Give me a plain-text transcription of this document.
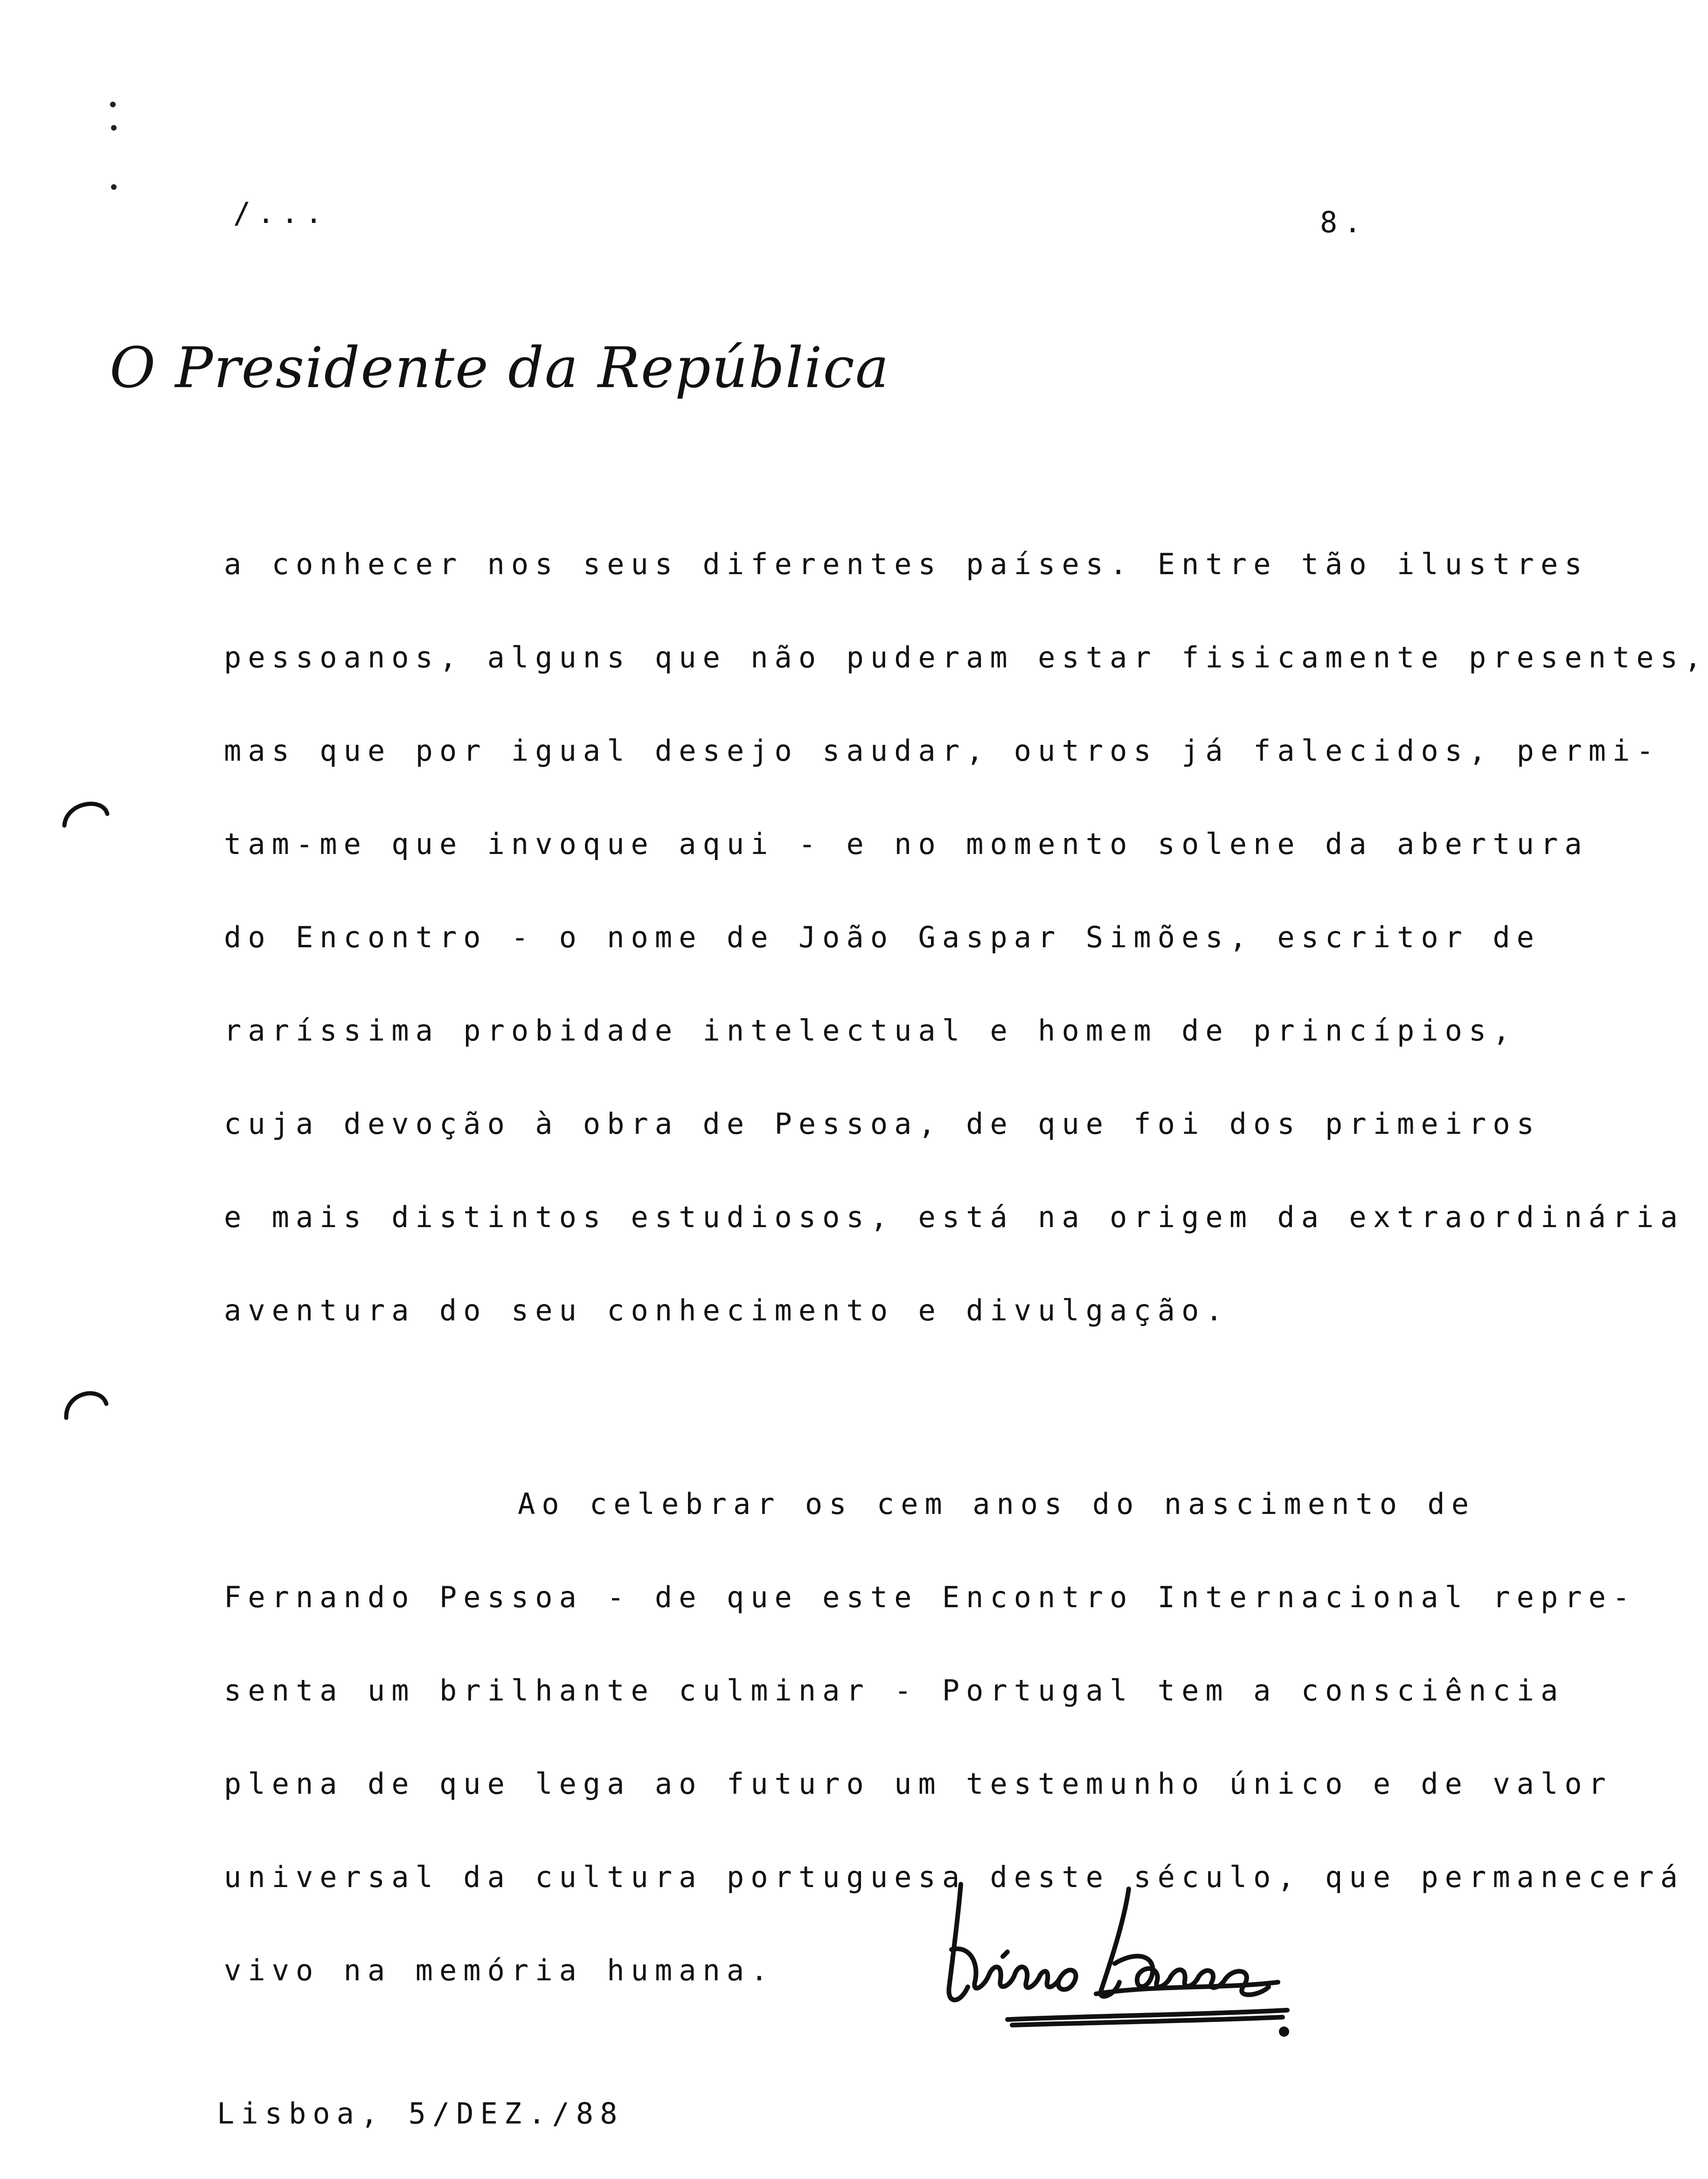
/...	8.
O Presidente da República
a conhecer nos seus diferentes países. Entre tão ilustres
pessoanos, alguns que não puderam estar fisicamente presentes,
mas que por igual desejo saudar, outros já falecidos, permi-
tam-me que invoque aqui - e no momento solene da abertura
do Encontro - o nome de João Gaspar Simões, escritor de
raríssima probidade intelectual e homem de princípios,
cuja devoção à obra de Pessoa, de que foi dos primeiros
e mais distintos estudiosos, está na origem da extraordinária
aventura do seu conhecimento e divulgação.
Ao celebrar os cem anos do nascimento de
Fernando Pessoa - de que este Encontro Internacional repre-
senta um brilhante culminar - Portugal tem a consciência
plena de que lega ao futuro um testemunho único e de valor
universal da cultura portuguesa deste século, que permanecerá
vivo na memória humana.
Lisboa, 5/DEZ./88
